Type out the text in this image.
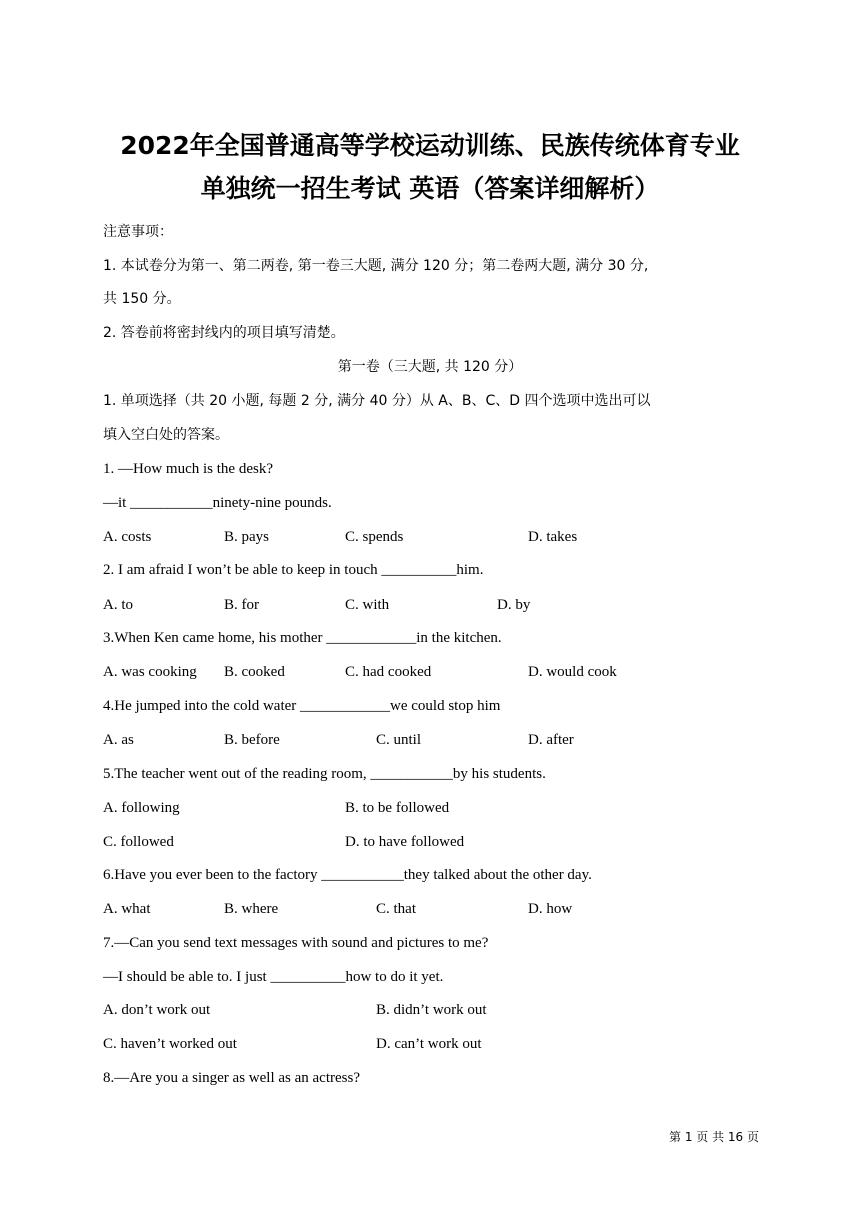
2022年全国普通高等学校运动训练、民族传统体育专业
单独统一招生考试 英语（答案详细解析）
注意事项：
1. 本试卷分为第一、第二两卷, 第一卷三大题, 满分 120 分；第二卷两大题, 满分 30 分,
共 150 分。
2. 答卷前将密封线内的项目填写清楚。
第一卷（三大题, 共 120 分）
1. 单项选择（共 20 小题, 每题 2 分, 满分 40 分）从 A、B、C、D 四个选项中选出可以
填入空白处的答案。
1. —How much is the desk?
—it ___________ninety-nine pounds.
A. costs	B. pays	C. spends	D. takes
2. I am afraid I won’t be able to keep in touch __________him.
A. to	B. for	C. with	D. by
3.When Ken came home, his mother ____________in the kitchen.
A. was cooking B. cooked	C. had cooked	D. would cook
4.He jumped into the cold water ____________we could stop him
A. as	B. before	C. until	D. after
5.The teacher went out of the reading room, ___________by his students.
A. following	B. to be followed
C. followed	D. to have followed
6.Have you ever been to the factory ___________they talked about the other day.
A. what	B. where	C. that	D. how
7.—Can you send text messages with sound and pictures to me?
—I should be able to. I just __________how to do it yet.
A. don’t work out	B. didn’t work out
C. haven’t worked out	D. can’t work out
8.—Are you a singer as well as an actress?
第 1 页 共 16 页
